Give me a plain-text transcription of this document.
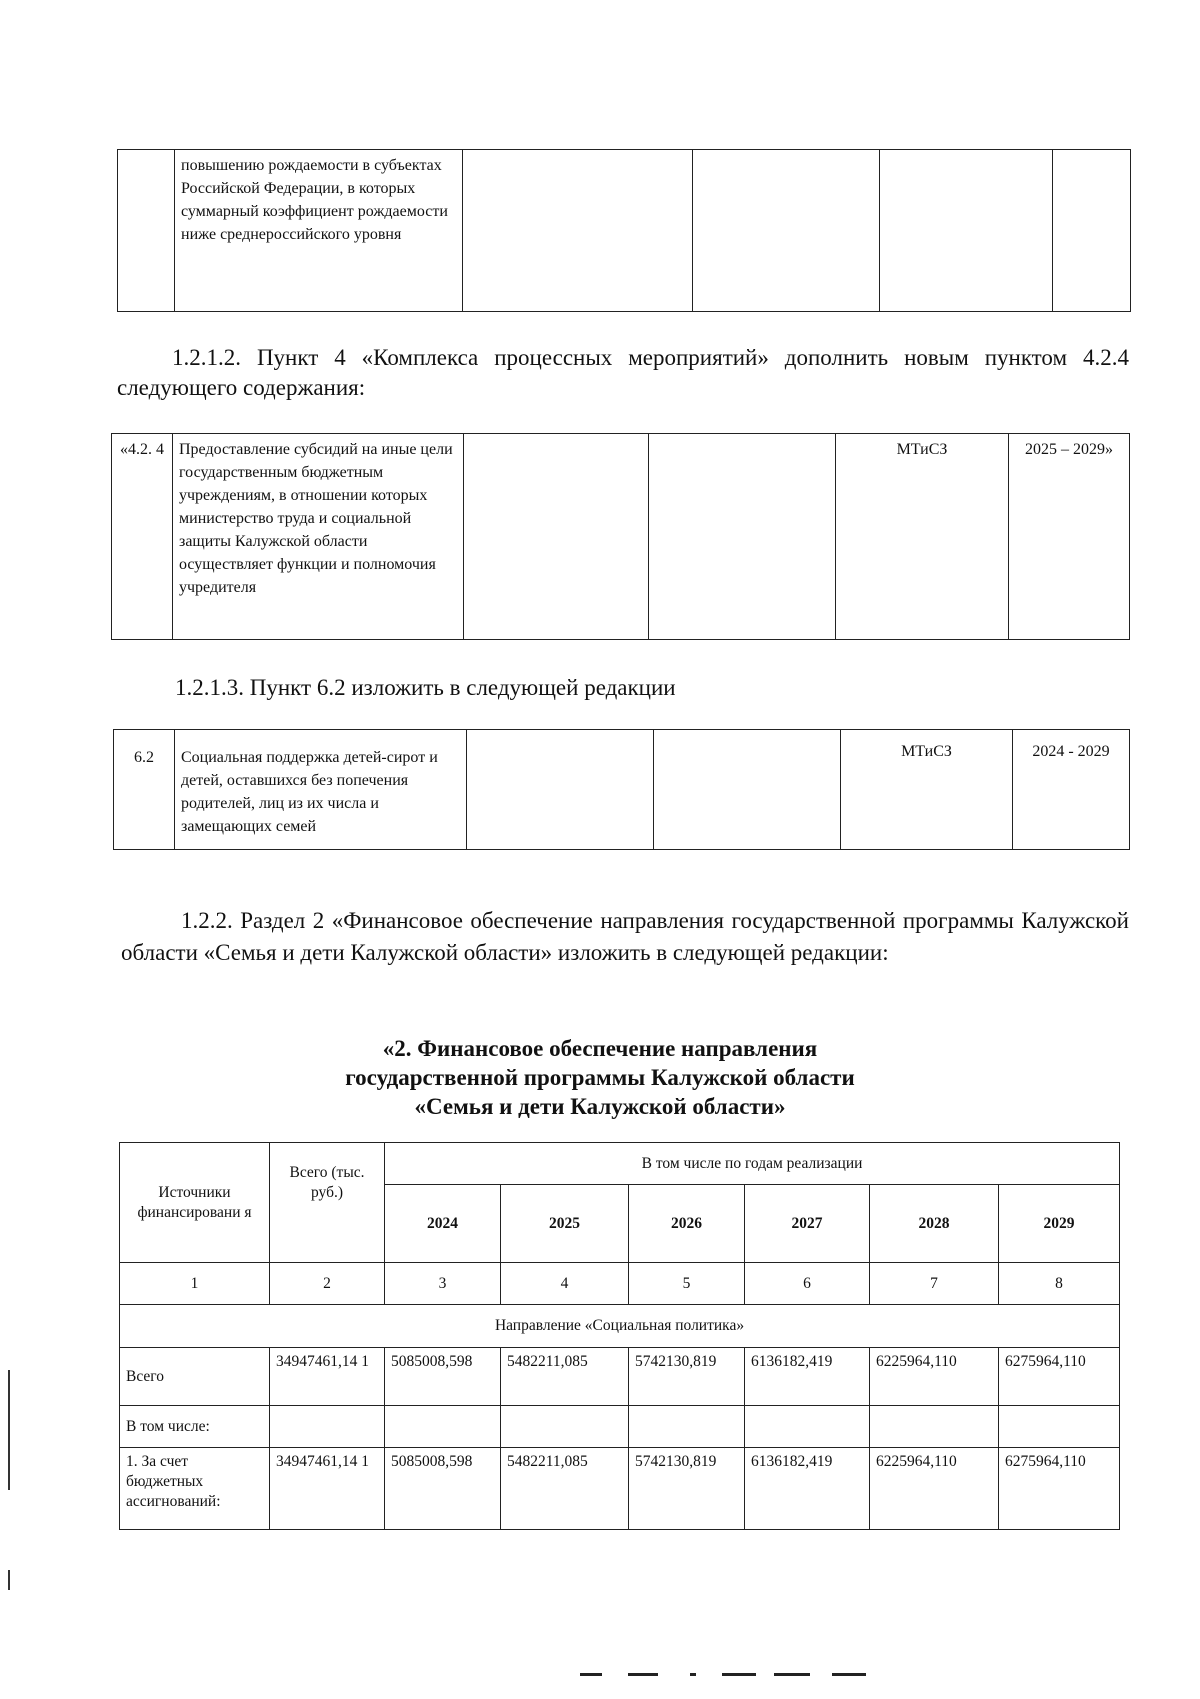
	повышению рождаемости в субъектах Российской Федерации, в которых суммарный коэффициент рождаемости ниже среднероссийского уровня				

1.2.1.2. Пункт 4 «Комплекса процессных мероприятий» дополнить новым пунктом 4.2.4 следующего содержания:

«4.2. 4	Предоставление субсидий на иные цели государственным бюджетным учреждениям, в отношении которых министерство труда и социальной защиты Калужской области осуществляет функции и полномочия учредителя			МТиСЗ	2025 – 2029»

1.2.1.3. Пункт 6.2 изложить в следующей редакции

6.2	Социальная поддержка детей-сирот и детей, оставшихся без попечения родителей, лиц из их числа и замещающих семей			МТиСЗ	2024 - 2029

1.2.2. Раздел 2 «Финансовое обеспечение направления государственной программы Калужской области «Семья и дети Калужской области» изложить в следующей редакции:

«2. Финансовое обеспечение направления
государственной программы Калужской области
«Семья и дети Калужской области»
Источники финансировани я	Всего (тыс. руб.)	В том числе по годам реализации					
		2024	2025	2026	2027	2028	2029
1	2	3	4	5	6	7	8
Направление «Социальная политика»							
Всего	34947461,14 1	5085008,598	5482211,085	5742130,819	6136182,419	6225964,110	6275964,110
В том числе:							
1. За счет бюджетных ассигнований:	34947461,14 1	5085008,598	5482211,085	5742130,819	6136182,419	6225964,110	6275964,110
